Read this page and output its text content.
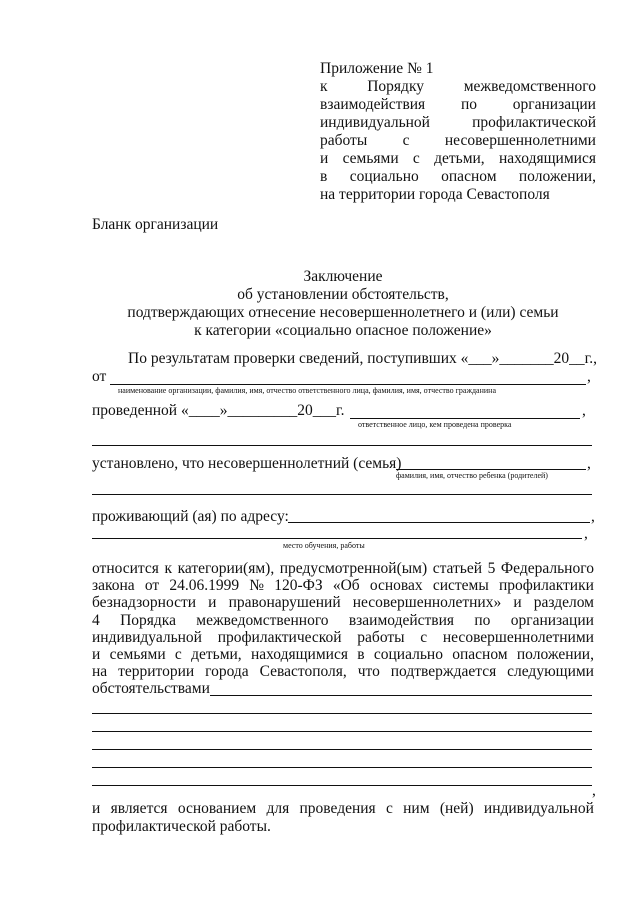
Приложение № 1
к	Порядку	межведомственного
взаимодействия по организации
индивидуальной	профилактической
работы с несовершеннолетними
и семьями с детьми, находящимися
в социально опасном положении,
на территории города Севастополя
Бланк организации
Заключение
об установлении обстоятельств,
подтверждающих отнесение несовершеннолетнего и (или) семьи
к категории «социально опасное положение»
По результатам проверки сведений, поступивших «___»_______20__г.,
от	,
наименование организации, фамилия, имя, отчество ответственного лица, фамилия, имя, отчество гражданина
проведенной «____»_________20___г.	,
ответственное лицо, кем проведена проверка
установлено, что несовершеннолетний (семья)	,
фамилия, имя, отчество ребенка (родителей)
проживающий (ая) по адресу:	,
,
место обучения, работы
относится к категории(ям), предусмотренной(ым) статьей 5 Федерального
закона от 24.06.1999 № 120-ФЗ «Об основах системы профилактики
безнадзорности и правонарушений несовершеннолетних» и разделом
4 Порядка межведомственного взаимодействия по организации
индивидуальной профилактической работы с несовершеннолетними
и семьями с детьми, находящимися в социально опасном положении,
на территории города Севастополя, что подтверждается следующими
обстоятельствами
,
и является основанием для проведения с ним (ней) индивидуальной
профилактической работы.
